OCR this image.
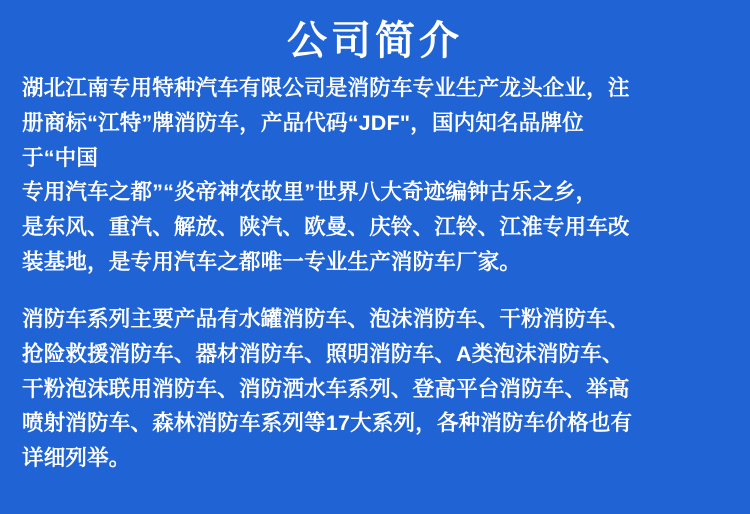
公司简介
湖北江南专用特种汽车有限公司是消防车专业生产龙头企业，注
册商标“江特”牌消防车，产品代码“JDF"，国内知名品牌位
于“中国
专用汽车之都”“炎帝神农故里”世界八大奇迹编钟古乐之乡，
是东风、重汽、解放、陕汽、欧曼、庆铃、江铃、江淮专用车改
装基地，是专用汽车之都唯一专业生产消防车厂家。
消防车系列主要产品有水罐消防车、泡沫消防车、干粉消防车、
抢险救援消防车、器材消防车、照明消防车、A类泡沫消防车、
干粉泡沫联用消防车、消防洒水车系列、登高平台消防车、举高
喷射消防车、森林消防车系列等17大系列，各种消防车价格也有
详细列举。
